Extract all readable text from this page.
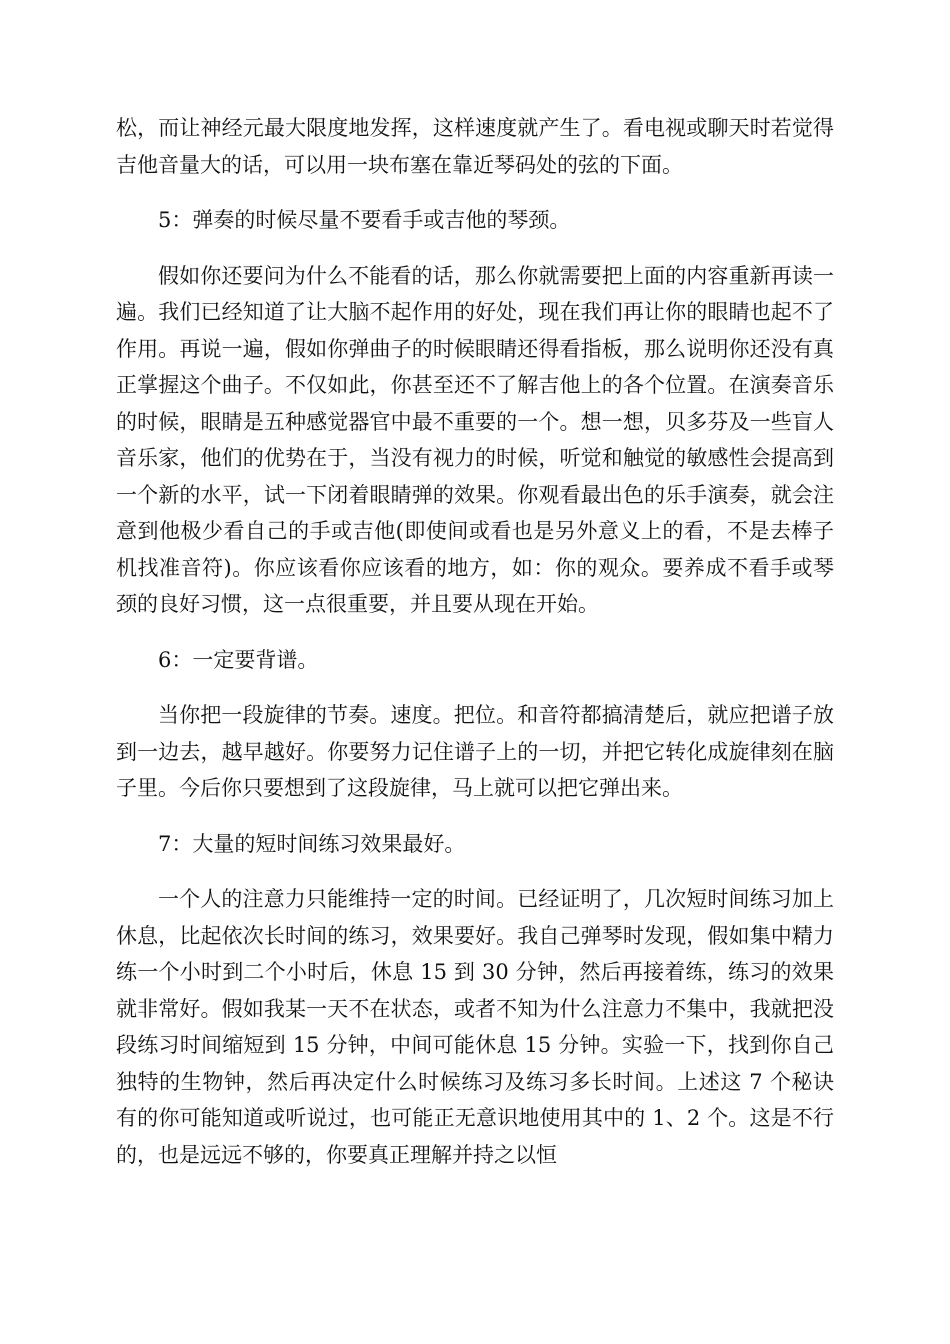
松，而让神经元最大限度地发挥，这样速度就产生了。看电视或聊天时若觉得吉他音量大的话，可以用一块布塞在靠近琴码处的弦的下面。

5：弹奏的时候尽量不要看手或吉他的琴颈。

假如你还要问为什么不能看的话，那么你就需要把上面的内容重新再读一遍。我们已经知道了让大脑不起作用的好处，现在我们再让你的眼睛也起不了作用。再说一遍，假如你弹曲子的时候眼睛还得看指板，那么说明你还没有真正掌握这个曲子。不仅如此，你甚至还不了解吉他上的各个位置。在演奏音乐的时候，眼睛是五种感觉器官中最不重要的一个。想一想，贝多芬及一些盲人音乐家，他们的优势在于，当没有视力的时候，听觉和触觉的敏感性会提高到一个新的水平，试一下闭着眼睛弹的效果。你观看最出色的乐手演奏，就会注意到他极少看自己的手或吉他(即使间或看也是另外意义上的看，不是去棒子机找准音符)。你应该看你应该看的地方，如：你的观众。要养成不看手或琴颈的良好习惯，这一点很重要，并且要从现在开始。

6：一定要背谱。

当你把一段旋律的节奏。速度。把位。和音符都搞清楚后，就应把谱子放到一边去，越早越好。你要努力记住谱子上的一切，并把它转化成旋律刻在脑子里。今后你只要想到了这段旋律，马上就可以把它弹出来。

7：大量的短时间练习效果最好。

一个人的注意力只能维持一定的时间。已经证明了，几次短时间练习加上休息，比起依次长时间的练习，效果要好。我自己弹琴时发现，假如集中精力练一个小时到二个小时后，休息 15 到 30 分钟，然后再接着练，练习的效果就非常好。假如我某一天不在状态，或者不知为什么注意力不集中，我就把没段练习时间缩短到 15 分钟，中间可能休息 15 分钟。实验一下，找到你自己独特的生物钟，然后再决定什么时候练习及练习多长时间。上述这 7 个秘诀有的你可能知道或听说过，也可能正无意识地使用其中的 1、2 个。这是不行的，也是远远不够的，你要真正理解并持之以恒
